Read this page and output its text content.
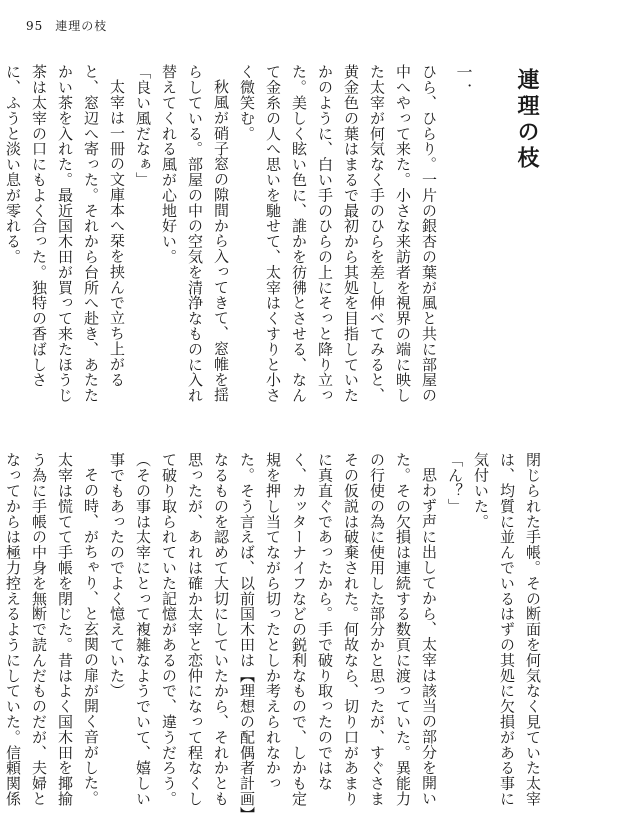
95 連理の枝
連理の枝
一．

ひら、ひらり。一片の銀杏の葉が風と共に部屋の中へやって来た。小さな来訪者を視界の端に映した太宰が何気なく手のひらを差し伸べてみると、黄金色の葉はまるで最初から其処を目指していたかのように、白い手のひらの上にそっと降り立った。美しく眩い色に、誰かを彷彿とさせる、なんて金糸の人へ思いを馳せて、太宰はくすりと小さく微笑む。

秋風が硝子窓の隙間から入ってきて、窓帷を揺らしている。部屋の中の空気を清浄なものに入れ替えてくれる風が心地好い。

「良い風だなぁ」

太宰は一冊の文庫本へ栞を挟んで立ち上がると、窓辺へ寄った。それから台所へ赴き、あたたかい茶を入れた。最近国木田が買って来たほうじ茶は太宰の口にもよく合った。独特の香ばしさに、ふうと淡い息が零れる。

閉じられた手帳。その断面を何気なく見ていた太宰は、均質に並んでいるはずの其処に欠損がある事に気付いた。

「ん？」

思わず声に出してから、太宰は該当の部分を開いた。その欠損は連続する数頁に渡っていた。異能力の行使の為に使用した部分かと思ったが、すぐさまその仮説は破棄された。何故なら、切り口があまりに真直ぐであったから。手で破り取ったのではなく、カッターナイフなどの鋭利なもので、しかも定規を押し当てながら切ったとしか考えられなかった。そう言えば、以前国木田は【理想の配偶者計画】なるものを認めて大切にしていたから、それかとも思ったが、あれは確か太宰と恋仲になって程なくして破り取られていた記憶があるので、違うだろう。（その事は太宰にとって複雑なようでいて、嬉しい事でもあったのでよく憶えていた）

その時、がちゃり、と玄関の扉が開く音がした。太宰は慌てて手帳を閉じた。昔はよく国木田を揶揄う為に手帳の中身を無断で読んだものだが、夫婦となってからは極力控えるようにしていた。信頼関係
